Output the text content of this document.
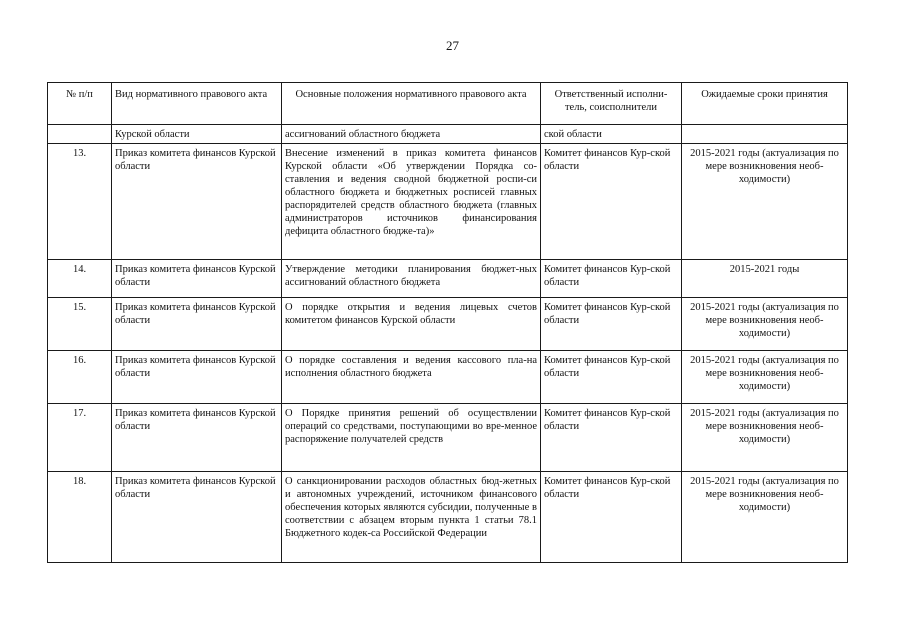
27
№ п/п	Вид нормативного правового акта	Основные положения нормативного правового акта	Ответственный исполни-тель, соисполнители	Ожидаемые сроки принятия
	Курской области	ассигнований областного бюджета	ской области	
13.	Приказ комитета финансов Курской области	Внесение изменений в приказ комитета финансов Курской области «Об утверждении Порядка со-ставления и ведения сводной бюджетной роспи-си областного бюджета и бюджетных росписей главных распорядителей средств областного бюджета (главных администраторов источников финансирования дефицита областного бюдже-та)»	Комитет финансов Кур-ской области	2015-2021 годы (актуализация по мере возникновения необ-ходимости)
14.	Приказ комитета финансов Курской области	Утверждение методики планирования бюджет-ных ассигнований областного бюджета	Комитет финансов Кур-ской области	2015-2021 годы
15.	Приказ комитета финансов Курской области	О порядке открытия и ведения лицевых счетов комитетом финансов Курской области	Комитет финансов Кур-ской области	2015-2021 годы (актуализация по мере возникновения необ-ходимости)
16.	Приказ комитета финансов Курской области	О порядке составления и ведения кассового пла-на исполнения областного бюджета	Комитет финансов Кур-ской области	2015-2021 годы (актуализация по мере возникновения необ-ходимости)
17.	Приказ комитета финансов Курской области	О Порядке принятия решений об осуществлении операций со средствами, поступающими во вре-менное распоряжение получателей средств	Комитет финансов Кур-ской области	2015-2021 годы (актуализация по мере возникновения необ-ходимости)
18.	Приказ комитета финансов Курской области	О санкционировании расходов областных бюд-жетных и автономных учреждений, источником финансового обеспечения которых являются субсидии, полученные в соответствии с абзацем вторым пункта 1 статьи 78.1 Бюджетного кодек-са Российской Федерации	Комитет финансов Кур-ской области	2015-2021 годы (актуализация по мере возникновения необ-ходимости)
